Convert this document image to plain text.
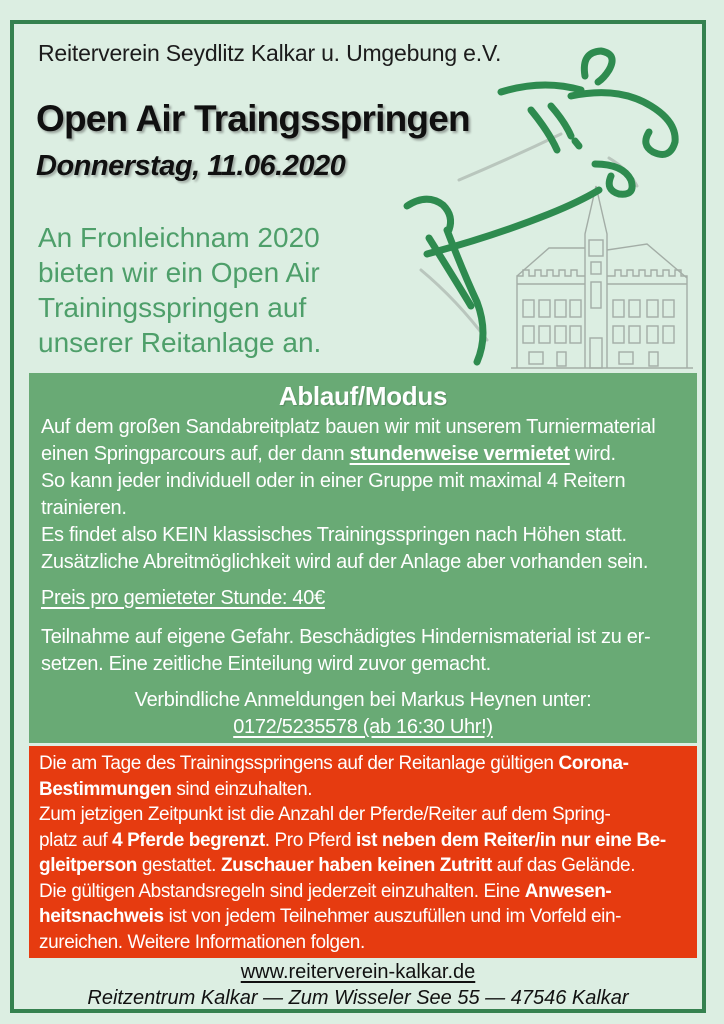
Reiterverein Seydlitz Kalkar u. Umgebung e.V.
Open Air Traingsspringen
Donnerstag, 11.06.2020
An Fronleichnam 2020
bieten wir ein Open Air
Trainingsspringen auf
unserer Reitanlage an.
Ablauf/Modus
Auf dem großen Sandabreitplatz bauen wir mit unserem Turniermaterial
einen Springparcours auf, der dann stundenweise vermietet wird.
So kann jeder individuell oder in einer Gruppe mit maximal 4 Reitern
trainieren.
Es findet also KEIN klassisches Trainingsspringen nach Höhen statt.
Zusätzliche Abreitmöglichkeit wird auf der Anlage aber vorhanden sein.
Preis pro gemieteter Stunde: 40€
Teilnahme auf eigene Gefahr. Beschädigtes Hindernismaterial ist zu er-
setzen. Eine zeitliche Einteilung wird zuvor gemacht.
Verbindliche Anmeldungen bei Markus Heynen unter:
0172/5235578 (ab 16:30 Uhr!)
Die am Tage des Trainingsspringens auf der Reitanlage gültigen Corona-
Bestimmungen sind einzuhalten.
Zum jetzigen Zeitpunkt ist die Anzahl der Pferde/Reiter auf dem Spring-
platz auf 4 Pferde begrenzt. Pro Pferd ist neben dem Reiter/in nur eine Be-
gleitperson gestattet. Zuschauer haben keinen Zutritt auf das Gelände.
Die gültigen Abstandsregeln sind jederzeit einzuhalten. Eine Anwesen-
heitsnachweis ist von jedem Teilnehmer auszufüllen und im Vorfeld ein-
zureichen. Weitere Informationen folgen.
www.reiterverein-kalkar.de
Reitzentrum Kalkar — Zum Wisseler See 55 — 47546 Kalkar
